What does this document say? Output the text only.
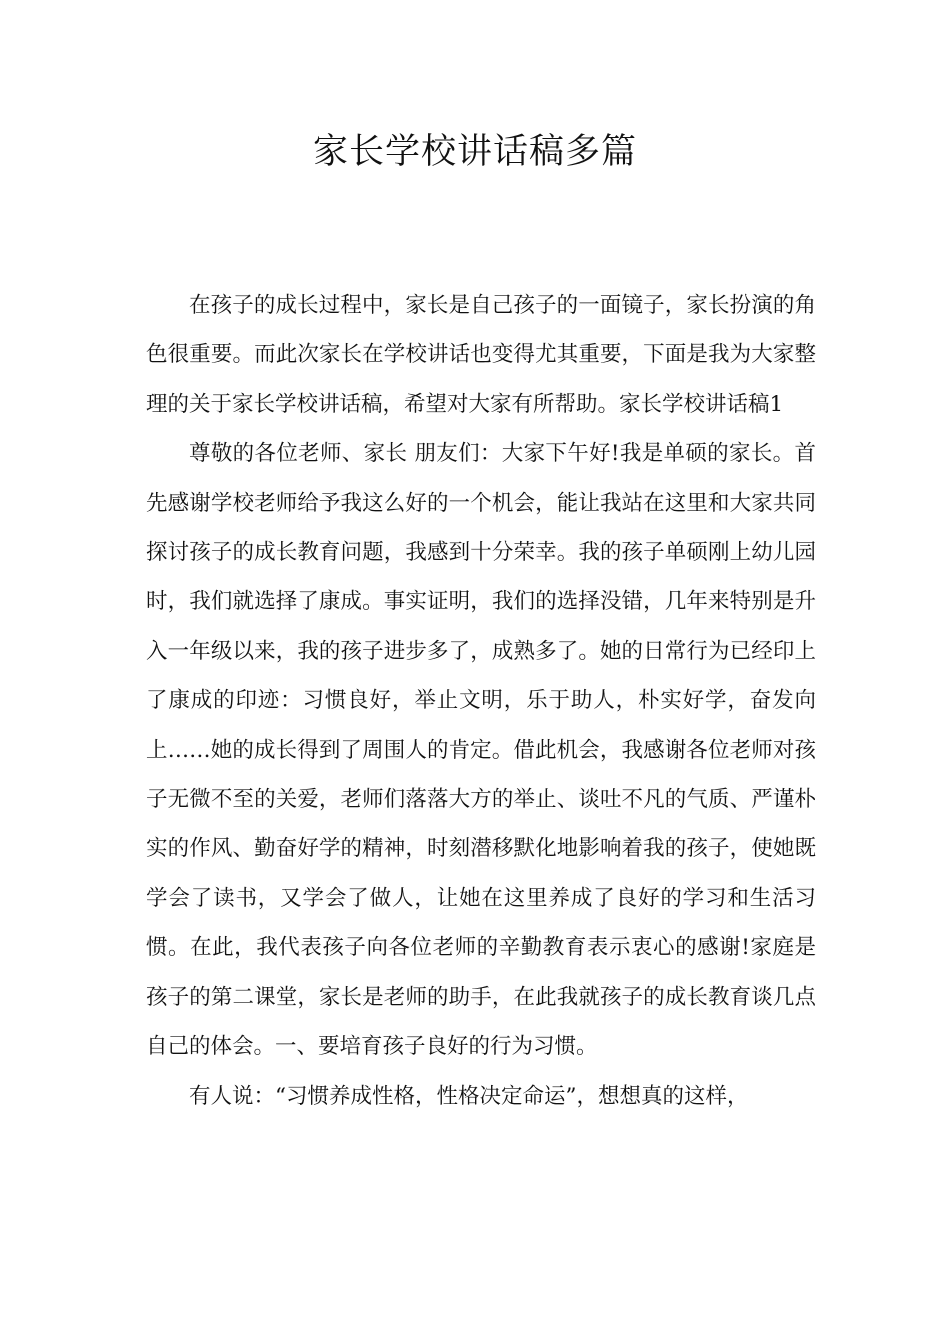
家长学校讲话稿多篇

在孩子的成长过程中，家长是自己孩子的一面镜子，家长扮演的角色很重要。而此次家长在学校讲话也变得尤其重要，下面是我为大家整理的关于家长学校讲话稿，希望对大家有所帮助。家长学校讲话稿1

尊敬的各位老师、家长 朋友们：大家下午好!我是单硕的家长。首先感谢学校老师给予我这么好的一个机会，能让我站在这里和大家共同探讨孩子的成长教育问题，我感到十分荣幸。我的孩子单硕刚上幼儿园时，我们就选择了康成。事实证明，我们的选择没错，几年来特别是升入一年级以来，我的孩子进步多了，成熟多了。她的日常行为已经印上了康成的印迹：习惯良好，举止文明，乐于助人，朴实好学，奋发向上……她的成长得到了周围人的肯定。借此机会，我感谢各位老师对孩子无微不至的关爱，老师们落落大方的举止、谈吐不凡的气质、严谨朴实的作风、勤奋好学的精神，时刻潜移默化地影响着我的孩子，使她既学会了读书，又学会了做人，让她在这里养成了良好的学习和生活习惯。在此，我代表孩子向各位老师的辛勤教育表示衷心的感谢!家庭是孩子的第二课堂，家长是老师的助手，在此我就孩子的成长教育谈几点自己的体会。一、要培育孩子良好的行为习惯。

有人说：“习惯养成性格，性格决定命运”，想想真的这样，
